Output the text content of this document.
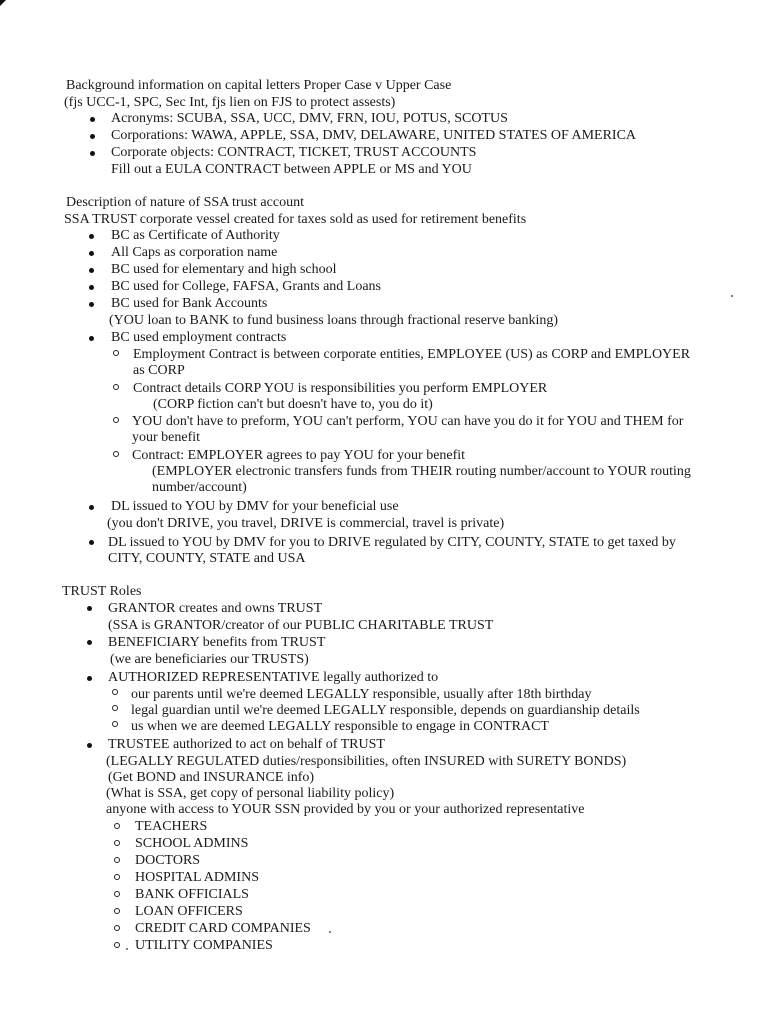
Background information on capital letters Proper Case v Upper Case
(fjs UCC-1, SPC, Sec Int, fjs lien on FJS to protect assests)
Acronyms: SCUBA, SSA, UCC, DMV, FRN, IOU, POTUS, SCOTUS
Corporations: WAWA, APPLE, SSA, DMV, DELAWARE, UNITED STATES OF AMERICA
Corporate objects: CONTRACT, TICKET, TRUST ACCOUNTS
Fill out a EULA CONTRACT between APPLE or MS and YOU
Description of nature of SSA trust account
SSA TRUST corporate vessel created for taxes sold as used for retirement benefits
BC as Certificate of Authority
All Caps as corporation name
BC used for elementary and high school
BC used for College, FAFSA, Grants and Loans
BC used for Bank Accounts
(YOU loan to BANK to fund business loans through fractional reserve banking)
BC used employment contracts
Employment Contract is between corporate entities, EMPLOYEE (US) as CORP and EMPLOYER
as CORP
Contract details CORP YOU is responsibilities you perform EMPLOYER
(CORP fiction can't but doesn't have to, you do it)
YOU don't have to preform, YOU can't perform, YOU can have you do it for YOU and THEM for
your benefit
Contract: EMPLOYER agrees to pay YOU for your benefit
(EMPLOYER electronic transfers funds from THEIR routing number/account to YOUR routing
number/account)
DL issued to YOU by DMV for your beneficial use
(you don't DRIVE, you travel, DRIVE is commercial, travel is private)
DL issued to YOU by DMV for you to DRIVE regulated by CITY, COUNTY, STATE to get taxed by
CITY, COUNTY, STATE and USA
TRUST Roles
GRANTOR creates and owns TRUST
(SSA is GRANTOR/creator of our PUBLIC CHARITABLE TRUST
BENEFICIARY benefits from TRUST
(we are beneficiaries our TRUSTS)
AUTHORIZED REPRESENTATIVE legally authorized to
our parents until we're deemed LEGALLY responsible, usually after 18th birthday
legal guardian until we're deemed LEGALLY responsible, depends on guardianship details
us when we are deemed LEGALLY responsible to engage in CONTRACT
TRUSTEE authorized to act on behalf of TRUST
(LEGALLY REGULATED duties/responsibilities, often INSURED with SURETY BONDS)
(Get BOND and INSURANCE info)
(What is SSA, get copy of personal liability policy)
anyone with access to YOUR SSN provided by you or your authorized representative
TEACHERS
SCHOOL ADMINS
DOCTORS
HOSPITAL ADMINS
BANK OFFICIALS
LOAN OFFICERS
CREDIT CARD COMPANIES
UTILITY COMPANIES
